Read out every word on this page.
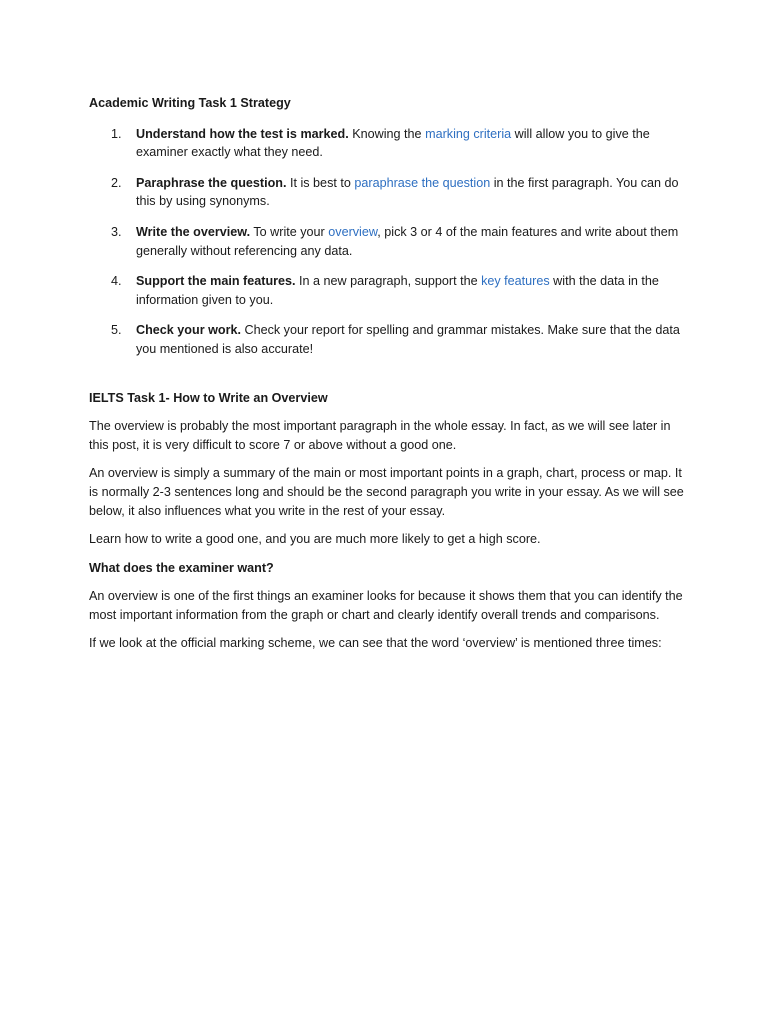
Academic Writing Task 1 Strategy

1. Understand how the test is marked. Knowing the marking criteria will allow you to give the examiner exactly what they need.
2. Paraphrase the question. It is best to paraphrase the question in the first paragraph. You can do this by using synonyms.
3. Write the overview. To write your overview, pick 3 or 4 of the main features and write about them generally without referencing any data.
4. Support the main features. In a new paragraph, support the key features with the data in the information given to you.
5. Check your work. Check your report for spelling and grammar mistakes. Make sure that the data you mentioned is also accurate!

IELTS Task 1- How to Write an Overview

The overview is probably the most important paragraph in the whole essay. In fact, as we will see later in this post, it is very difficult to score 7 or above without a good one.

An overview is simply a summary of the main or most important points in a graph, chart, process or map. It is normally 2-3 sentences long and should be the second paragraph you write in your essay. As we will see below, it also influences what you write in the rest of your essay.

Learn how to write a good one, and you are much more likely to get a high score.

What does the examiner want?

An overview is one of the first things an examiner looks for because it shows them that you can identify the most important information from the graph or chart and clearly identify overall trends and comparisons.

If we look at the official marking scheme, we can see that the word ‘overview’ is mentioned three times:
